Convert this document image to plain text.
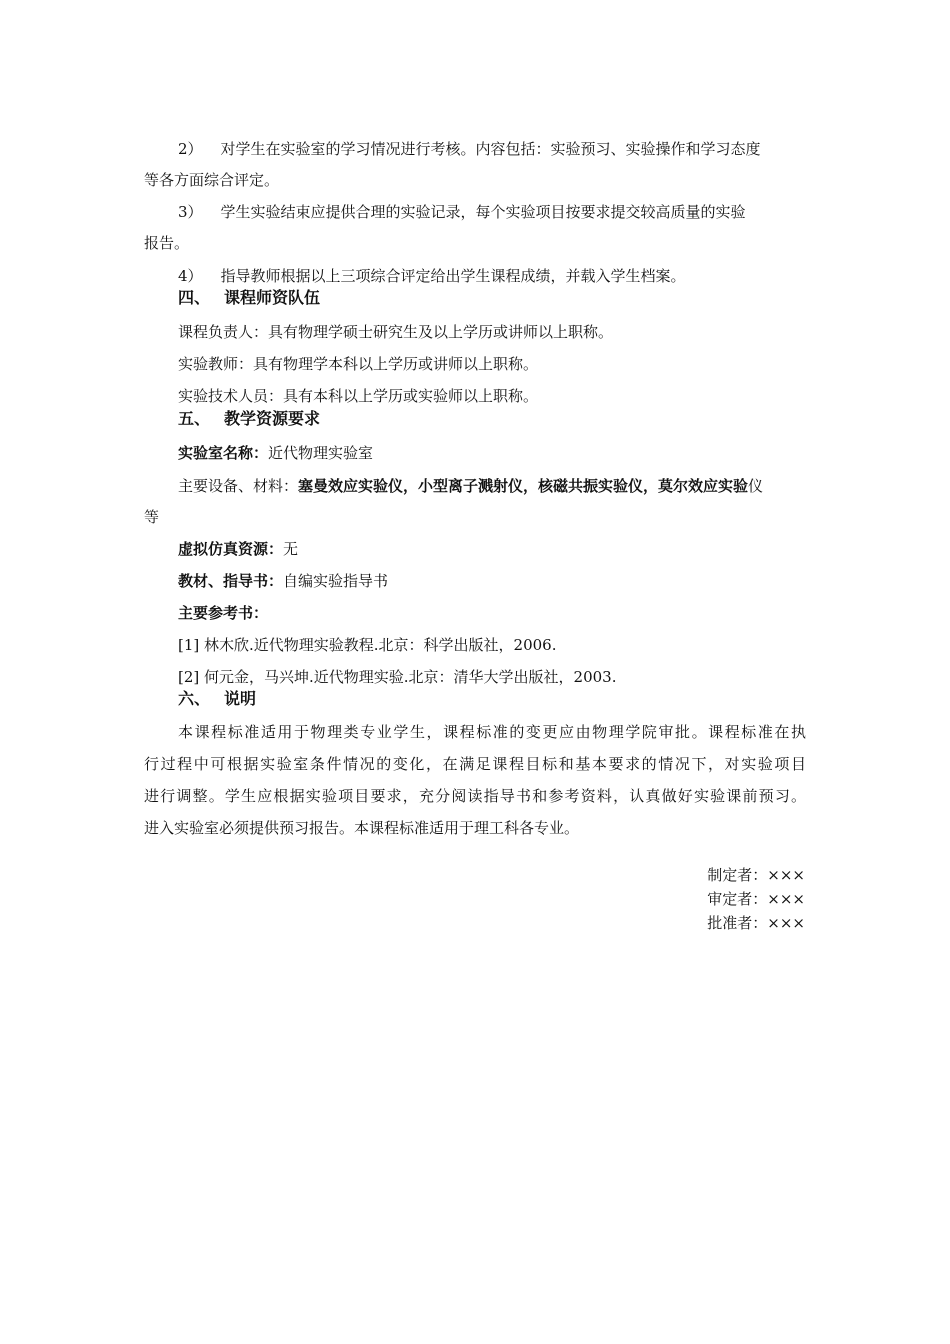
2） 对学生在实验室的学习情况进行考核。内容包括：实验预习、实验操作和学习态度
等各方面综合评定。
3） 学生实验结束应提供合理的实验记录，每个实验项目按要求提交较高质量的实验
报告。
4） 指导教师根据以上三项综合评定给出学生课程成绩，并载入学生档案。
四、 课程师资队伍
课程负责人：具有物理学硕士研究生及以上学历或讲师以上职称。
实验教师：具有物理学本科以上学历或讲师以上职称。
实验技术人员：具有本科以上学历或实验师以上职称。
五、 教学资源要求
实验室名称：近代物理实验室
主要设备、材料：塞曼效应实验仪，小型离子溅射仪，核磁共振实验仪，莫尔效应实验仪
等
虚拟仿真资源：无
教材、指导书：自编实验指导书
主要参考书：
[1] 林木欣.近代物理实验教程.北京：科学出版社，2006.
[2] 何元金，马兴坤.近代物理实验.北京：清华大学出版社，2003.
六、 说明
本课程标准适用于物理类专业学生，课程标准的变更应由物理学院审批。课程标准在执
行过程中可根据实验室条件情况的变化，在满足课程目标和基本要求的情况下，对实验项目
进行调整。学生应根据实验项目要求，充分阅读指导书和参考资料，认真做好实验课前预习。
进入实验室必须提供预习报告。本课程标准适用于理工科各专业。
制定者：×××
审定者：×××
批准者：×××
